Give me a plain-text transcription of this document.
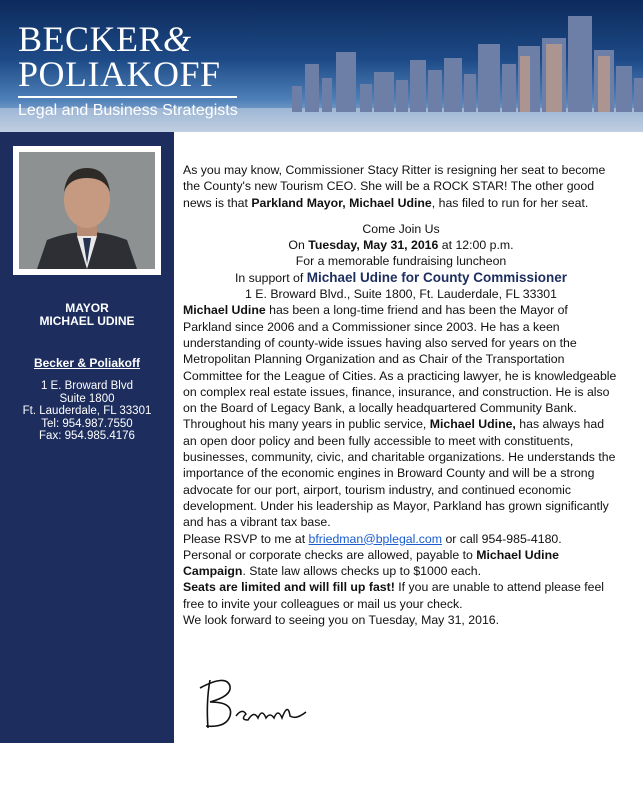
BECKER&
POLIAKOFF
Legal and Business Strategists
MAYOR
MICHAEL UDINE
Becker & Poliakoff
1 E. Broward Blvd
Suite 1800
Ft. Lauderdale, FL 33301
Tel: 954.987.7550
Fax: 954.985.4176

As you may know, Commissioner Stacy Ritter is resigning her seat to become the County's new Tourism CEO. She will be a ROCK STAR! The other good news is that Parkland Mayor, Michael Udine, has filed to run for her seat.

Come Join Us

On Tuesday, May 31, 2016 at 12:00 p.m.

For a memorable fundraising luncheon

In support of Michael Udine for County Commissioner

1 E. Broward Blvd., Suite 1800, Ft. Lauderdale, FL 33301

Michael Udine has been a long-time friend and has been the Mayor of Parkland since 2006 and a Commissioner since 2003. He has a keen understanding of county-wide issues having also served for years on the Metropolitan Planning Organization and as Chair of the Transportation Committee for the League of Cities. As a practicing lawyer, he is knowledgeable on complex real estate issues, finance, insurance, and construction. He is also on the Board of Legacy Bank, a locally headquartered Community Bank.

Throughout his many years in public service, Michael Udine, has always had an open door policy and been fully accessible to meet with constituents, businesses, community, civic, and charitable organizations. He understands the importance of the economic engines in Broward County and will be a strong advocate for our port, airport, tourism industry, and continued economic development. Under his leadership as Mayor, Parkland has grown significantly and has a vibrant tax base.

Please RSVP to me at bfriedman@bplegal.com or call 954-985-4180.

Personal or corporate checks are allowed, payable to Michael Udine Campaign. State law allows checks up to $1000 each.

Seats are limited and will fill up fast! If you are unable to attend please feel free to invite your colleagues or mail us your check.

We look forward to seeing you on Tuesday, May 31, 2016.
